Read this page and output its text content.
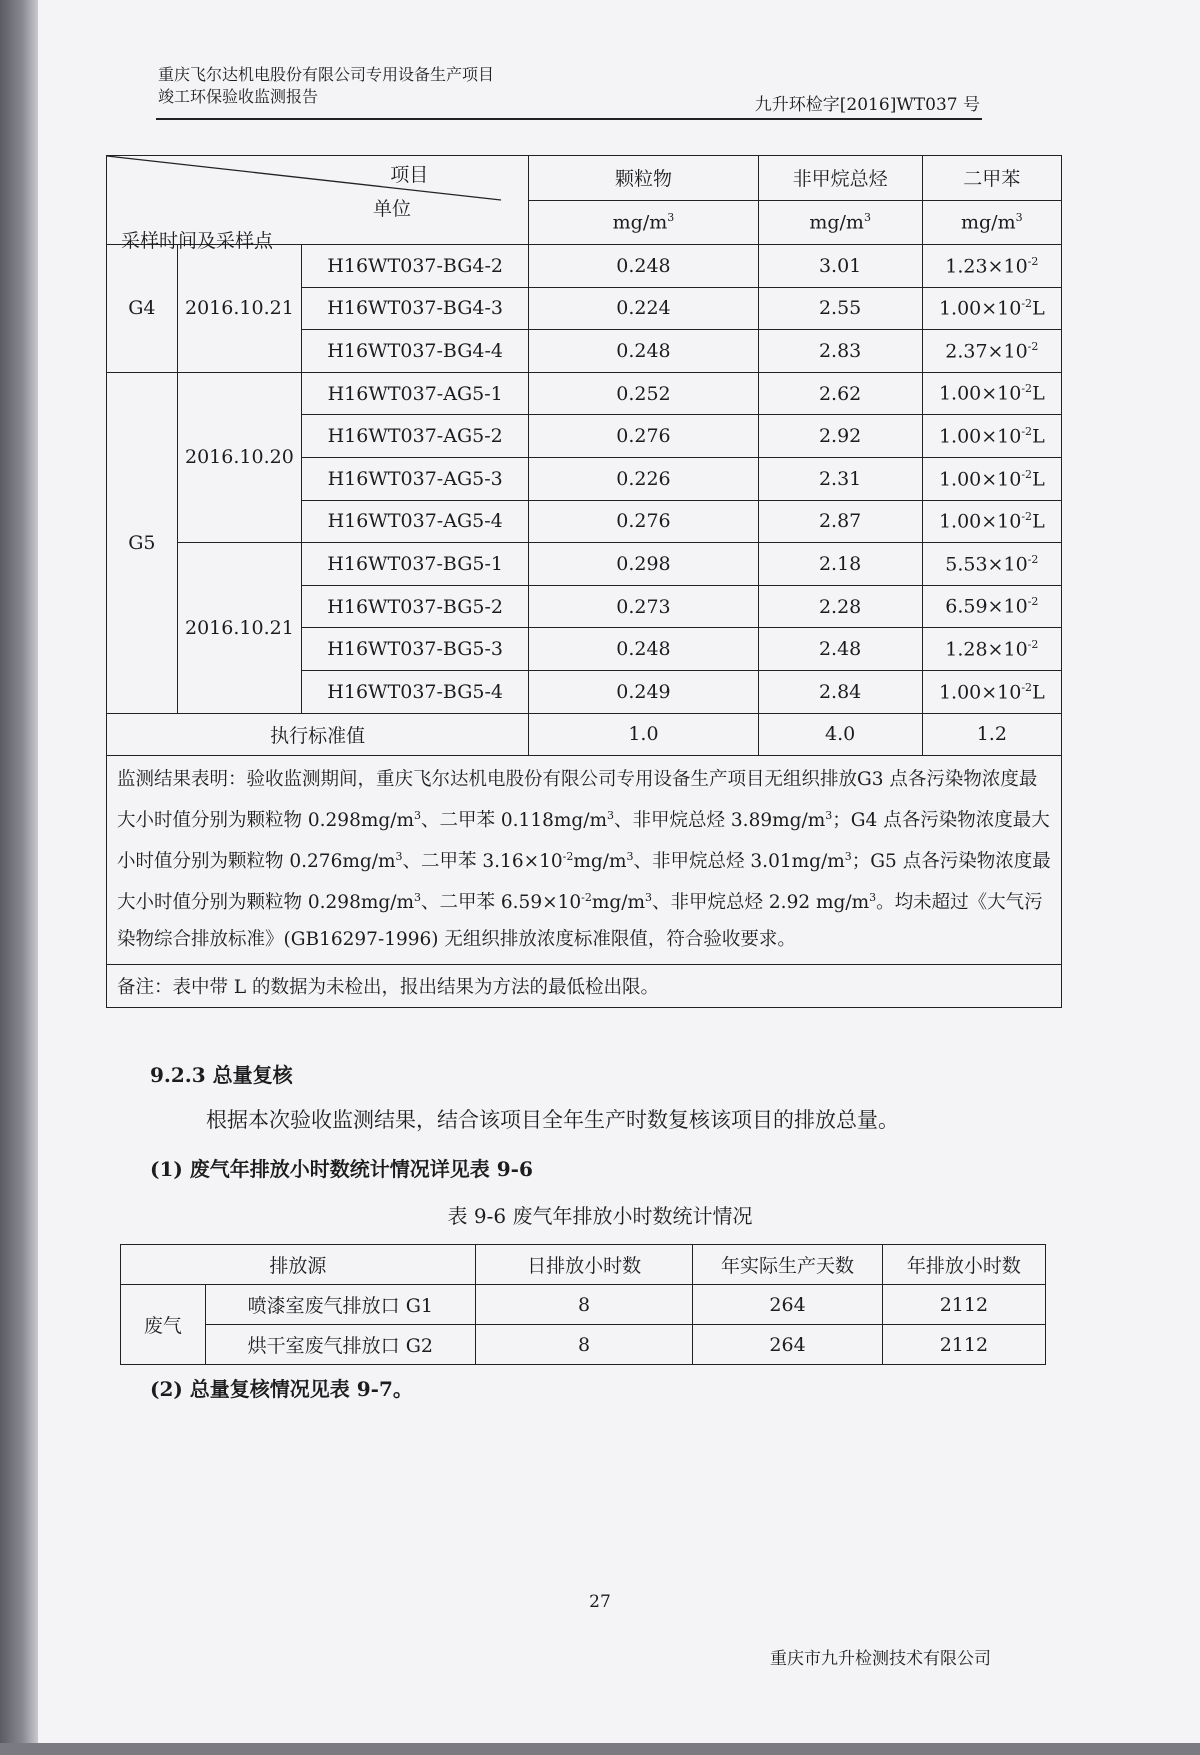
重庆飞尔达机电股份有限公司专用设备生产项目
竣工环保验收监测报告	九升环检字[2016]WT037 号
项目
单位
采样时间及采样点			颗粒物	非甲烷总烃	二甲苯
			$mg/m^3$	$mg/m^3$	$mg/m^3$
G4	2016.10.21	H16WT037-BG4-2	0.248	3.01	$1.23\times 10^{-2}$
		H16WT037-BG4-3	0.224	2.55	$1.00\times 10^{-2}L$
		H16WT037-BG4-4	0.248	2.83	$2.37\times 10^{-2}$
G5	2016.10.20	H16WT037-AG5-1	0.252	2.62	$1.00\times 10^{-2}L$
		H16WT037-AG5-2	0.276	2.92	$1.00\times 10^{-2}L$
		H16WT037-AG5-3	0.226	2.31	$1.00\times 10^{-2}L$
		H16WT037-AG5-4	0.276	2.87	$1.00\times 10^{-2}L$
	2016.10.21	H16WT037-BG5-1	0.298	2.18	$5.53\times 10^{-2}$
		H16WT037-BG5-2	0.273	2.28	$6.59\times 10^{-2}$
		H16WT037-BG5-3	0.248	2.48	$1.28\times 10^{-2}$
		H16WT037-BG5-4	0.249	2.84	$1.00\times 10^{-2}L$
执行标准值			1.0	4.0	1.2
监测结果表明：验收监测期间，重庆飞尔达机电股份有限公司专用设备生产项目无组织排放G3 点各污染物浓度最大小时值分别为颗粒物 $0.298mg/m^3$、二甲苯 $0.118mg/m^3$、非甲烷总烃 $3.89mg/m^3$；G4 点各污染物浓度最大小时值分别为颗粒物 $0.276mg/m^3$、二甲苯 $3.16\times 10^{-2}mg/m^3$、非甲烷总烃 $3.01mg/m^3$；G5 点各污染物浓度最大小时值分别为颗粒物 $0.298mg/m^3$、二甲苯 $6.59\times 10^{-2}mg/m^3$、非甲烷总烃 2.92 $mg/m^3$。均未超过《大气污染物综合排放标准》(GB16297-1996) 无组织排放浓度标准限值，符合验收要求。					
备注：表中带 L 的数据为未检出，报出结果为方法的最低检出限。					
9.2.3 总量复核
根据本次验收监测结果，结合该项目全年生产时数复核该项目的排放总量。
(1) 废气年排放小时数统计情况详见表 9-6
表 9-6 废气年排放小时数统计情况
排放源		日排放小时数	年实际生产天数	年排放小时数
废气	喷漆室废气排放口 G1	8	264	2112
	烘干室废气排放口 G2	8	264	2112
(2) 总量复核情况见表 9-7。
27
重庆市九升检测技术有限公司
